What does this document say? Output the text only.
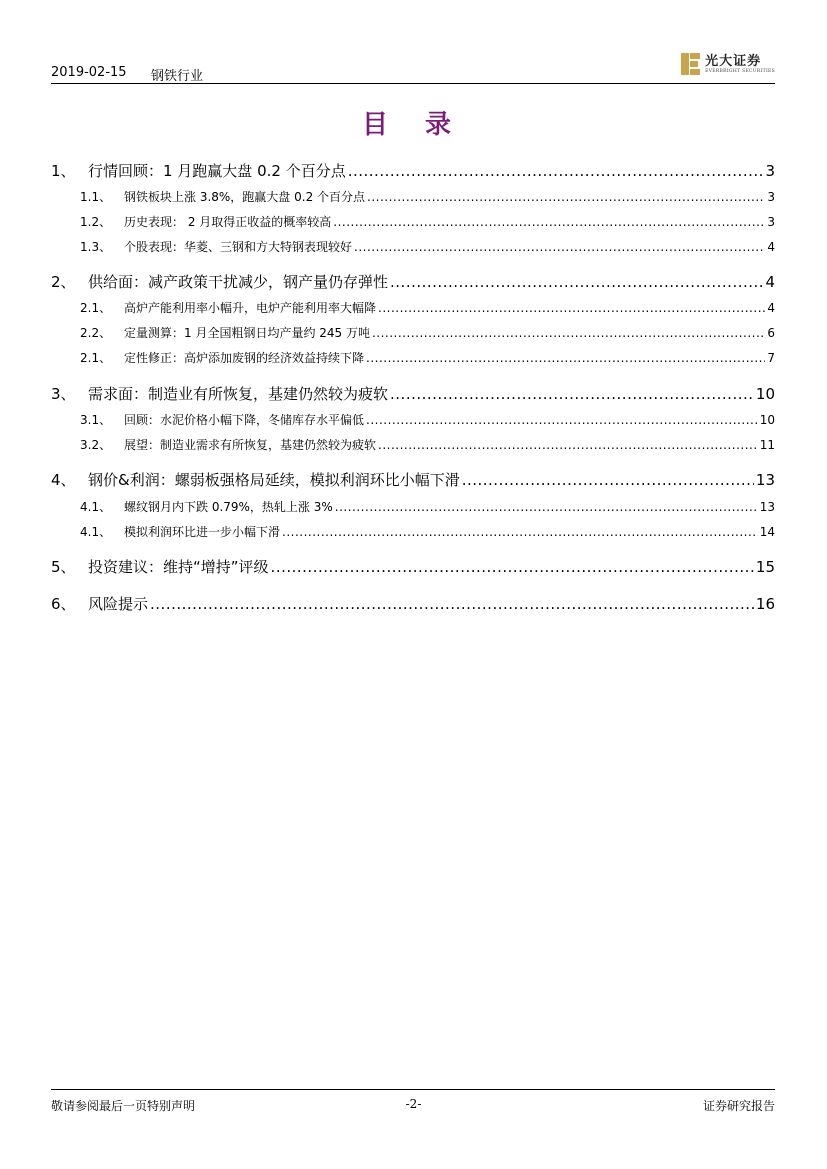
2019-02-15 钢铁行业
光大证券
EVERBRIGHT SECURITIES
目 录
1、 行情回顾：1 月跑赢大盘 0.2 个百分点 .....	3
1.1、	钢铁板块上涨 3.8%，跑赢大盘 0.2 个百分点 .....	3
1.2、	历史表现： 2 月取得正收益的概率较高 .....	3
1.3、	个股表现：华菱、三钢和方大特钢表现较好 .....	4
2、 供给面：减产政策干扰减少，钢产量仍存弹性 .....	4
2.1、	高炉产能利用率小幅升，电炉产能利用率大幅降 .....	4
2.2、	定量测算：1 月全国粗钢日均产量约 245 万吨 .....	6
2.1、	定性修正：高炉添加废钢的经济效益持续下降 .....	7
3、 需求面：制造业有所恢复，基建仍然较为疲软 .....	10
3.1、	回顾：水泥价格小幅下降，冬储库存水平偏低 .....	10
3.2、	展望：制造业需求有所恢复，基建仍然较为疲软 .....	11
4、 钢价&利润：螺弱板强格局延续，模拟利润环比小幅下滑 .....	13
4.1、	螺纹钢月内下跌 0.79%，热轧上涨 3% .....	13
4.1、	模拟利润环比进一步小幅下滑 .....	14
5、 投资建议：维持“增持”评级 .....	15
6、 风险提示 .....	16
敬请参阅最后一页特别声明	-2-	证券研究报告
